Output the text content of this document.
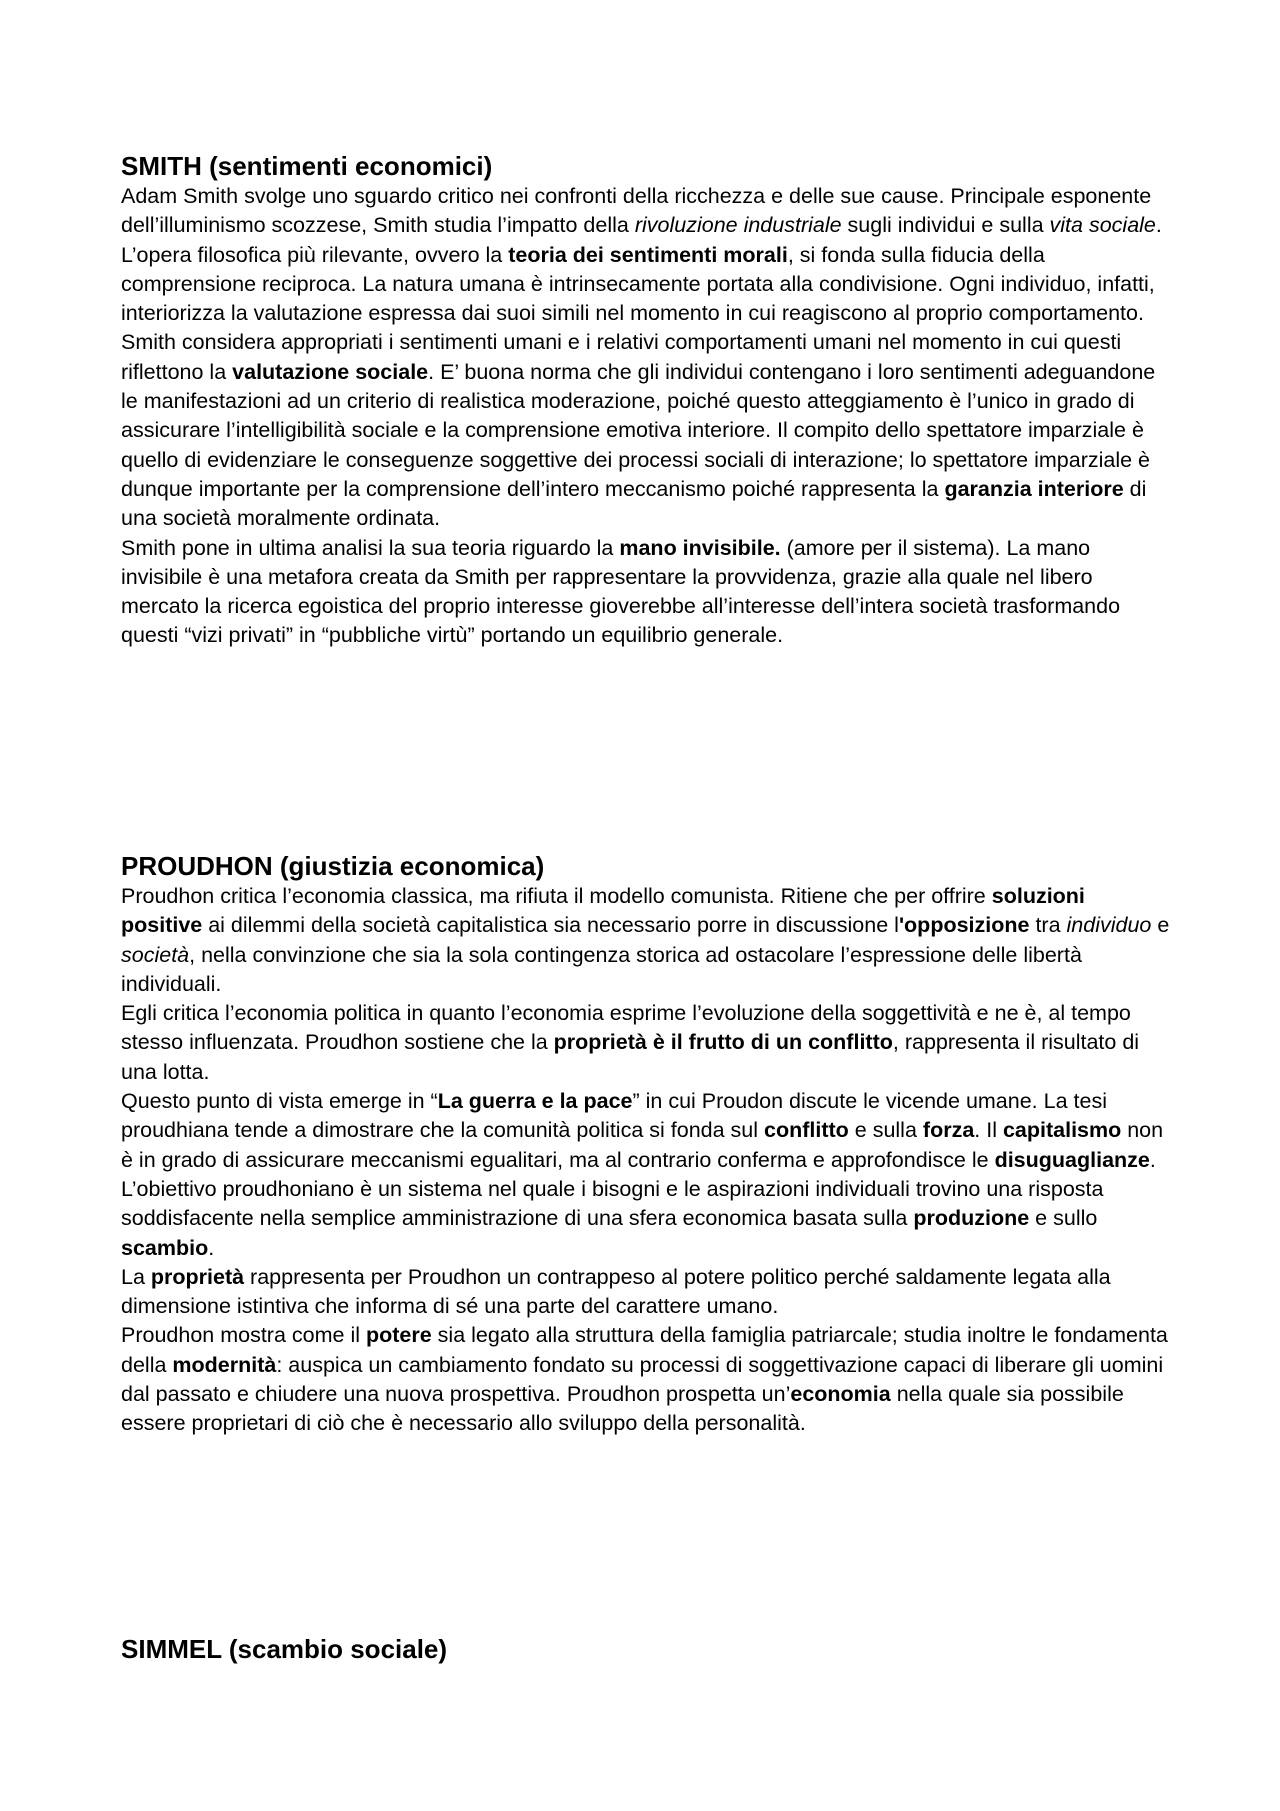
SMITH (sentimenti economici)

Adam Smith svolge uno sguardo critico nei confronti della ricchezza e delle sue cause. Principale esponente dell’illuminismo scozzese, Smith studia l’impatto della rivoluzione industriale sugli individui e sulla vita sociale.

L’opera filosofica più rilevante, ovvero la teoria dei sentimenti morali, si fonda sulla fiducia della comprensione reciproca. La natura umana è intrinsecamente portata alla condivisione. Ogni individuo, infatti, interiorizza la valutazione espressa dai suoi simili nel momento in cui reagiscono al proprio comportamento. Smith considera appropriati i sentimenti umani e i relativi comportamenti umani nel momento in cui questi riflettono la valutazione sociale. E’ buona norma che gli individui contengano i loro sentimenti adeguandone le manifestazioni ad un criterio di realistica moderazione, poiché questo atteggiamento è l’unico in grado di assicurare l’intelligibilità sociale e la comprensione emotiva interiore. Il compito dello spettatore imparziale è quello di evidenziare le conseguenze soggettive dei processi sociali di interazione; lo spettatore imparziale è dunque importante per la comprensione dell’intero meccanismo poiché rappresenta la garanzia interiore di una società moralmente ordinata.

Smith pone in ultima analisi la sua teoria riguardo la mano invisibile. (amore per il sistema). La mano invisibile è una metafora creata da Smith per rappresentare la provvidenza, grazie alla quale nel libero mercato la ricerca egoistica del proprio interesse gioverebbe all’interesse dell’intera società trasformando questi “vizi privati” in “pubbliche virtù” portando un equilibrio generale.

PROUDHON (giustizia economica)

Proudhon critica l’economia classica, ma rifiuta il modello comunista. Ritiene che per offrire soluzioni positive ai dilemmi della società capitalistica sia necessario porre in discussione l'opposizione tra individuo e società, nella convinzione che sia la sola contingenza storica ad ostacolare l’espressione delle libertà individuali.

Egli critica l’economia politica in quanto l’economia esprime l’evoluzione della soggettività e ne è, al tempo stesso influenzata. Proudhon sostiene che la proprietà è il frutto di un conflitto, rappresenta il risultato di una lotta.

Questo punto di vista emerge in “La guerra e la pace” in cui Proudon discute le vicende umane. La tesi proudhiana tende a dimostrare che la comunità politica si fonda sul conflitto e sulla forza. Il capitalismo non è in grado di assicurare meccanismi egualitari, ma al contrario conferma e approfondisce le disuguaglianze. L’obiettivo proudhoniano è un sistema nel quale i bisogni e le aspirazioni individuali trovino una risposta soddisfacente nella semplice amministrazione di una sfera economica basata sulla produzione e sullo scambio.

La proprietà rappresenta per Proudhon un contrappeso al potere politico perché saldamente legata alla dimensione istintiva che informa di sé una parte del carattere umano.

Proudhon mostra come il potere sia legato alla struttura della famiglia patriarcale; studia inoltre le fondamenta della modernità: auspica un cambiamento fondato su processi di soggettivazione capaci di liberare gli uomini dal passato e chiudere una nuova prospettiva. Proudhon prospetta un’economia nella quale sia possibile essere proprietari di ciò che è necessario allo sviluppo della personalità.

SIMMEL (scambio sociale)
